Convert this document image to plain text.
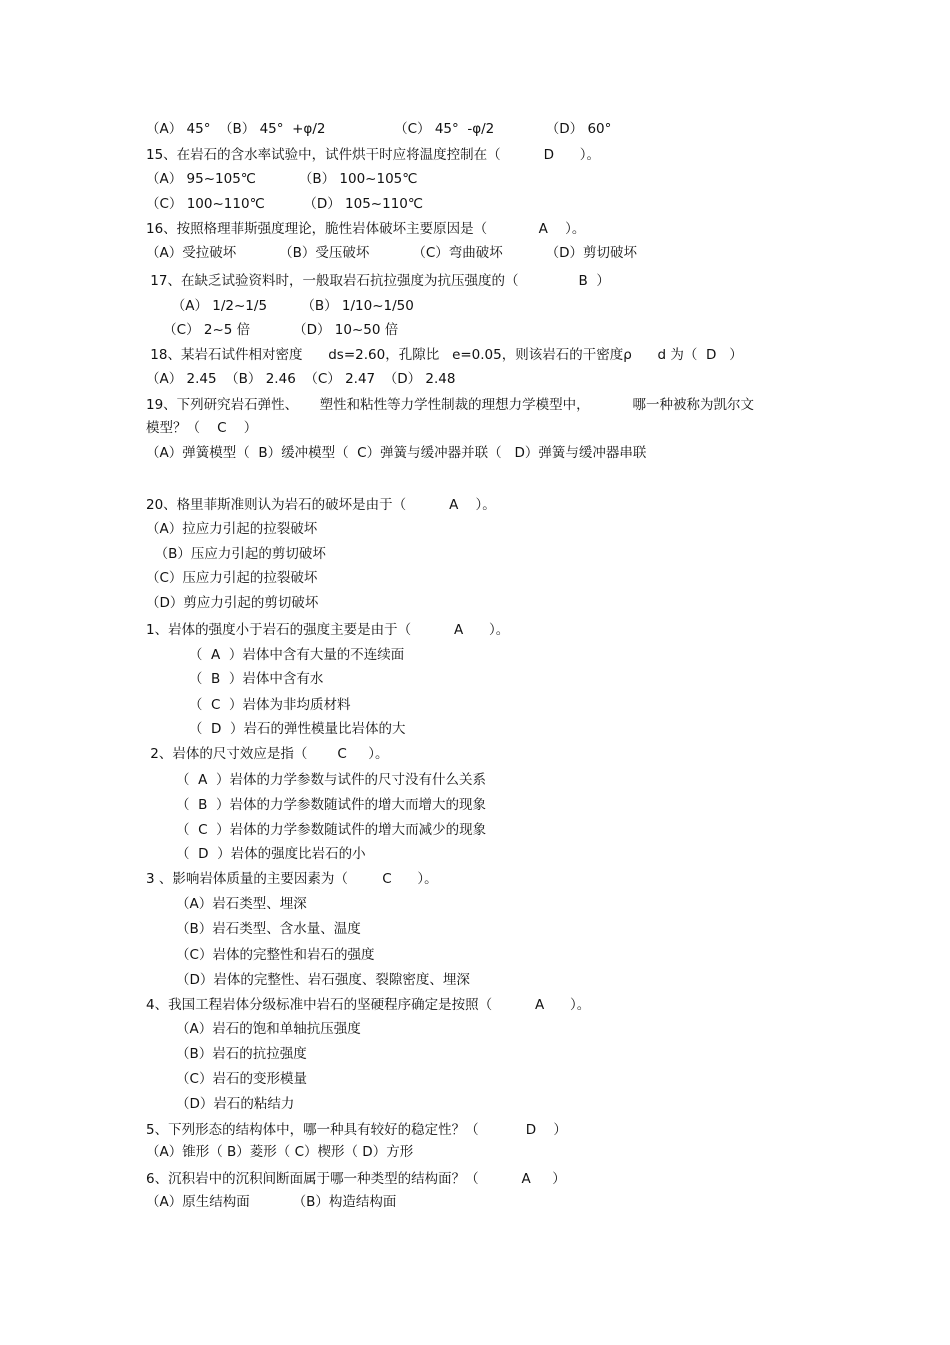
（A） 45°  （B） 45°  +φ/2                （C） 45°  -φ/2            （D） 60°
15、在岩石的含水率试验中，试件烘干时应将温度控制在（          D      ）。
（A） 95~105℃          （B） 100~105℃
（C） 100~110℃         （D） 105~110℃
16、按照格理菲斯强度理论，脆性岩体破坏主要原因是（            A    ）。
（A）受拉破坏          （B）受压破坏          （C）弯曲破坏          （D）剪切破坏
17、在缺乏试验资料时，一般取岩石抗拉强度为抗压强度的（              B  ）
（A） 1/2~1/5        （B） 1/10~1/50
（C） 2~5 倍          （D） 10~50 倍
18、某岩石试件相对密度      ds=2.60，孔隙比   e=0.05，则该岩石的干密度ρ      d 为（  D   ）
（A） 2.45  （B） 2.46  （C） 2.47  （D） 2.48
19、下列研究岩石弹性、     塑性和粘性等力学性制裁的理想力学模型中，          哪一种被称为凯尔文
模型？（    C    ）
（A）弹簧模型（  B）缓冲模型（  C）弹簧与缓冲器并联（   D）弹簧与缓冲器串联
20、格里菲斯准则认为岩石的破坏是由于（          A    ）。
（A）拉应力引起的拉裂破坏
（B）压应力引起的剪切破坏
（C）压应力引起的拉裂破坏
（D）剪应力引起的剪切破坏
1、岩体的强度小于岩石的强度主要是由于（          A      ）。
（  A  ）岩体中含有大量的不连续面
（  B  ）岩体中含有水
（  C  ）岩体为非均质材料
（  D  ）岩石的弹性模量比岩体的大
2、岩体的尺寸效应是指（       C     ）。
（  A  ）岩体的力学参数与试件的尺寸没有什么关系
（  B  ）岩体的力学参数随试件的增大而增大的现象
（  C  ）岩体的力学参数随试件的增大而减少的现象
（  D  ）岩体的强度比岩石的小
3 、影响岩体质量的主要因素为（        C      ）。
（A）岩石类型、埋深
（B）岩石类型、含水量、温度
（C）岩体的完整性和岩石的强度
（D）岩体的完整性、岩石强度、裂隙密度、埋深
4、我国工程岩体分级标准中岩石的坚硬程序确定是按照（          A      ）。
（A）岩石的饱和单轴抗压强度
（B）岩石的抗拉强度
（C）岩石的变形模量
（D）岩石的粘结力
5、下列形态的结构体中，哪一种具有较好的稳定性？（           D    ）
（A）锥形（ B）菱形（ C）楔形（ D）方形
6、沉积岩中的沉积间断面属于哪一种类型的结构面？（          A     ）
（A）原生结构面          （B）构造结构面
